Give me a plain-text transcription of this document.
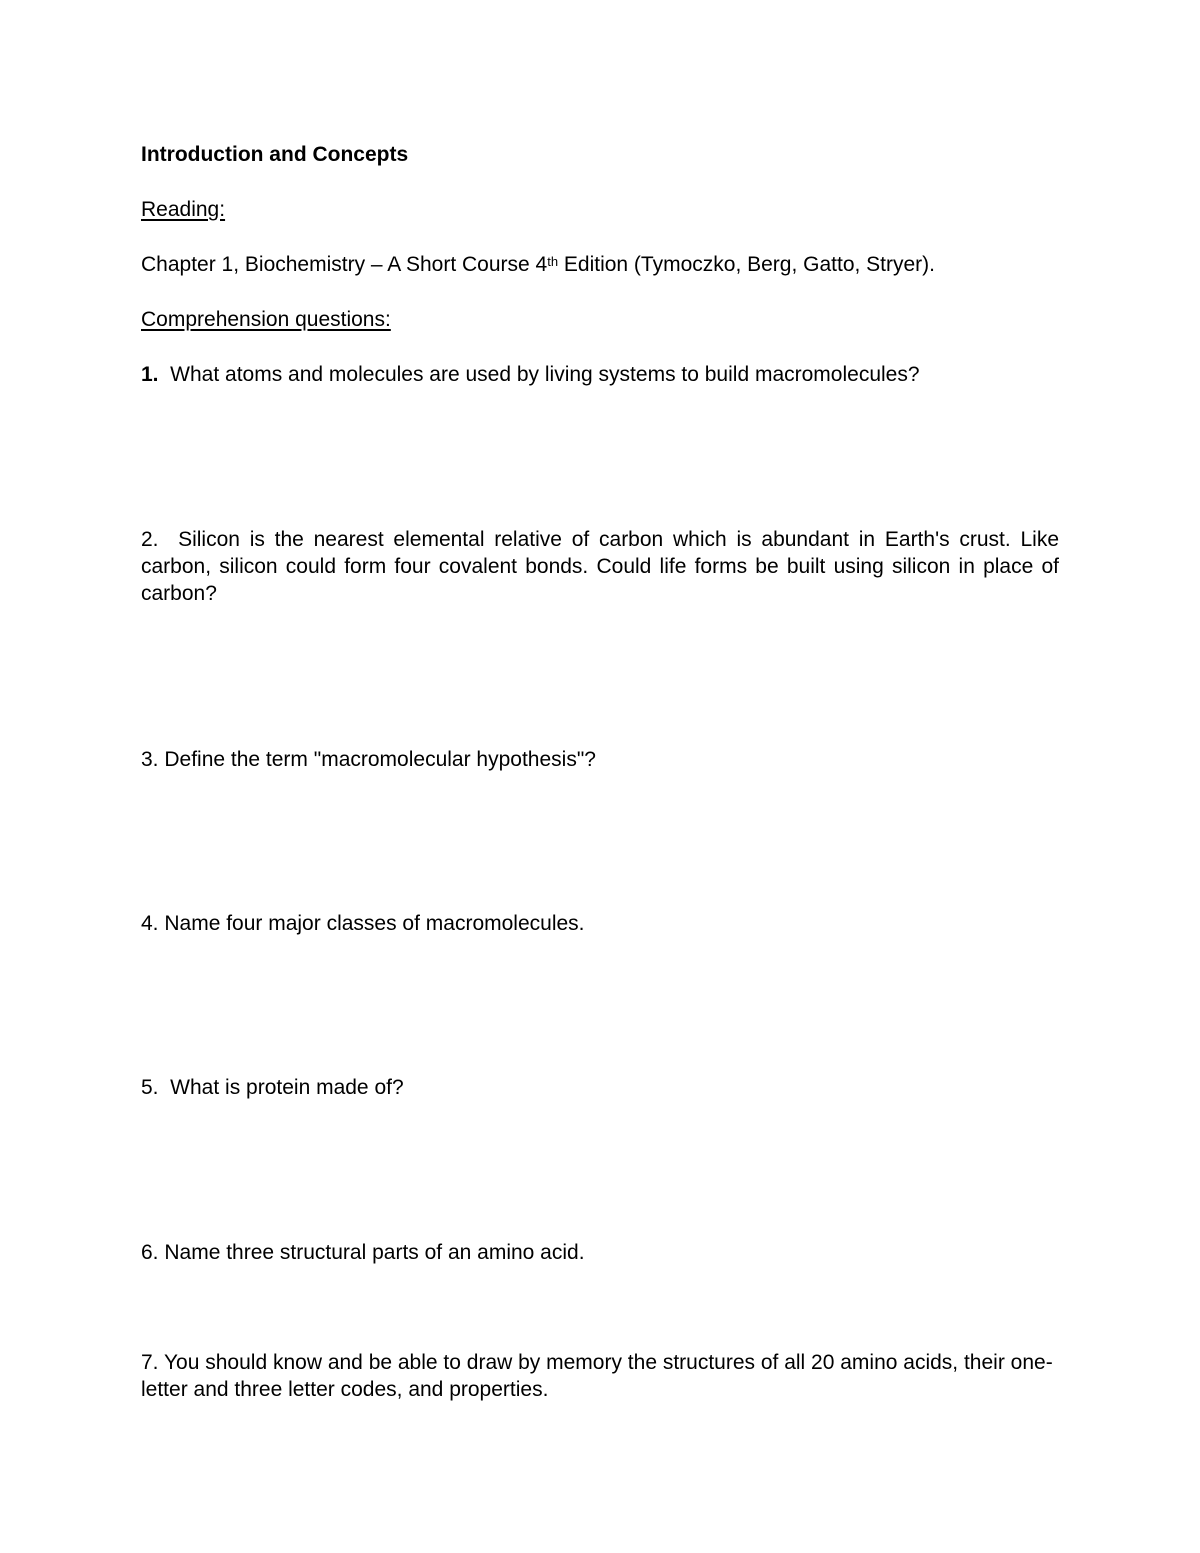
Introduction and Concepts
Reading:
Chapter 1, Biochemistry – A Short Course 4th Edition (Tymoczko, Berg, Gatto, Stryer).
Comprehension questions:
1.  What atoms and molecules are used by living systems to build macromolecules?
2.  Silicon is the nearest elemental relative of carbon which is abundant in Earth's crust. Like carbon, silicon could form four covalent bonds. Could life forms be built using silicon in place of carbon?
3. Define the term "macromolecular hypothesis"?
4. Name four major classes of macromolecules.
5.  What is protein made of?
6. Name three structural parts of an amino acid.
7. You should know and be able to draw by memory the structures of all 20 amino acids, their one-letter and three letter codes, and properties.
